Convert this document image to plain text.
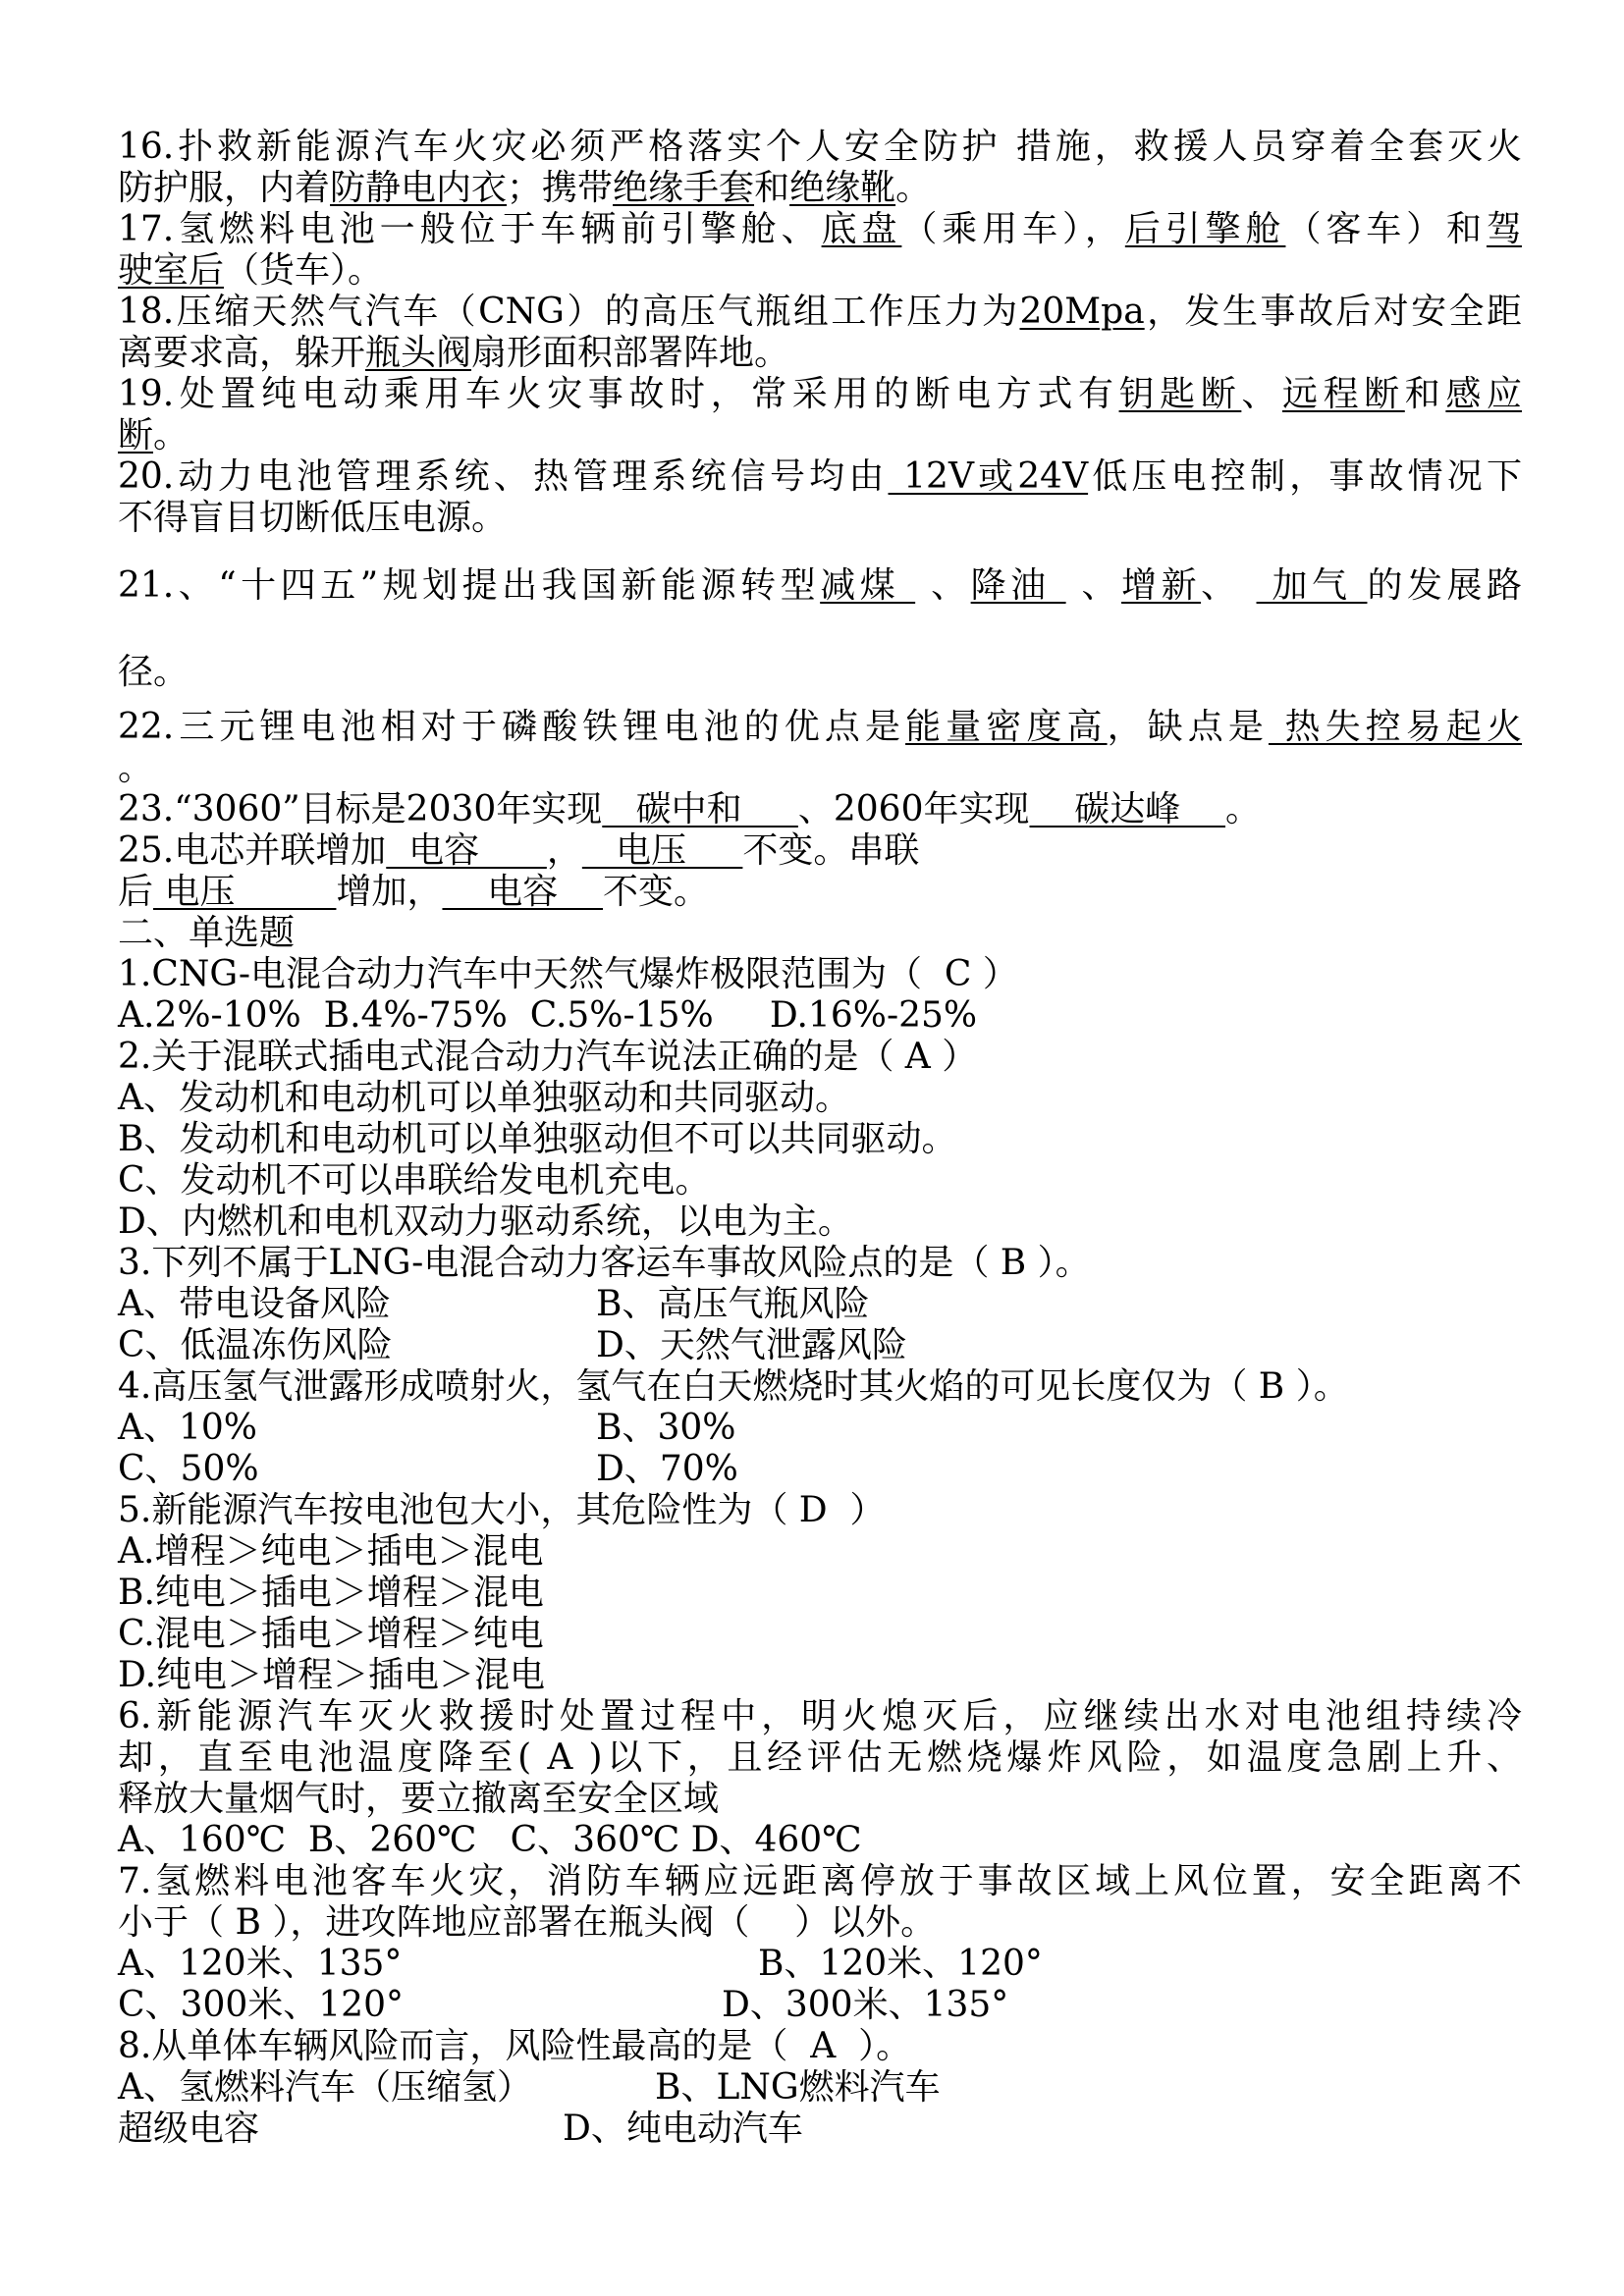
16.扑救新能源汽车火灾必须严格落实个人安全防护 措施，救援人员穿着全套灭火
防护服，内着防静电内衣；携带绝缘手套和绝缘靴。
17.氢燃料电池一般位于车辆前引擎舱、底盘（乘用车），后引擎舱（客车）和驾
驶室后（货车）。
18.压缩天然气汽车（CNG）的高压气瓶组工作压力为20Mpa，发生事故后对安全距
离要求高，躲开瓶头阀扇形面积部署阵地。
19.处置纯电动乘用车火灾事故时，常采用的断电方式有钥匙断、远程断和感应
断。
20.动力电池管理系统、热管理系统信号均由 12V或24V低压电控制，事故情况下
不得盲目切断低压电源。
21.、“十四五”规划提出我国新能源转型减煤  、降油  、增新、  加气 的发展路
径。
22.三元锂电池相对于磷酸铁锂电池的优点是能量密度高，缺点是 热失控易起火
。
23.“3060”目标是2030年实现   碳中和     、2060年实现    碳达峰    。
25.电芯并联增加  电容      ，   电压     不变。串联
后 电压         增加，    电容    不变。
二、单选题
1.CNG-电混合动力汽车中天然气爆炸极限范围为（  C ）
A.2%-10%  B.4%-75%  C.5%-15%     D.16%-25%
2.关于混联式插电式混合动力汽车说法正确的是（ A ）
A、发动机和电动机可以单独驱动和共同驱动。
B、发动机和电动机可以单独驱动但不可以共同驱动。
C、发动机不可以串联给发电机充电。
D、内燃机和电机双动力驱动系统，以电为主。
3.下列不属于LNG-电混合动力客运车事故风险点的是（ B ）。
A、带电设备风险	B、高压气瓶风险
C、低温冻伤风险	D、天然气泄露风险
4.高压氢气泄露形成喷射火，氢气在白天燃烧时其火焰的可见长度仅为（ B ）。
A、10%	B、30%
C、50%	D、70%
5.新能源汽车按电池包大小，其危险性为（ D  ）
A.增程＞纯电＞插电＞混电
B.纯电＞插电＞增程＞混电
C.混电＞插电＞增程＞纯电
D.纯电＞增程＞插电＞混电
6.新能源汽车灭火救援时处置过程中，明火熄灭后，应继续出水对电池组持续冷
却，直至电池温度降至( A )以下，且经评估无燃烧爆炸风险，如温度急剧上升、
释放大量烟气时，要立撤离至安全区域
A、160℃  B、260℃   C、360℃ D、460℃
7.氢燃料电池客车火灾，消防车辆应远距离停放于事故区域上风位置，安全距离不
小于（ B ），进攻阵地应部署在瓶头阀（    ）以外。
A、120米、135°	B、120米、120°
C、300米、120°	D、300米、135°
8.从单体车辆风险而言，风险性最高的是（  A  ）。
A、氢燃料汽车（压缩氢）	B、LNG燃料汽车
超级电容	D、纯电动汽车
